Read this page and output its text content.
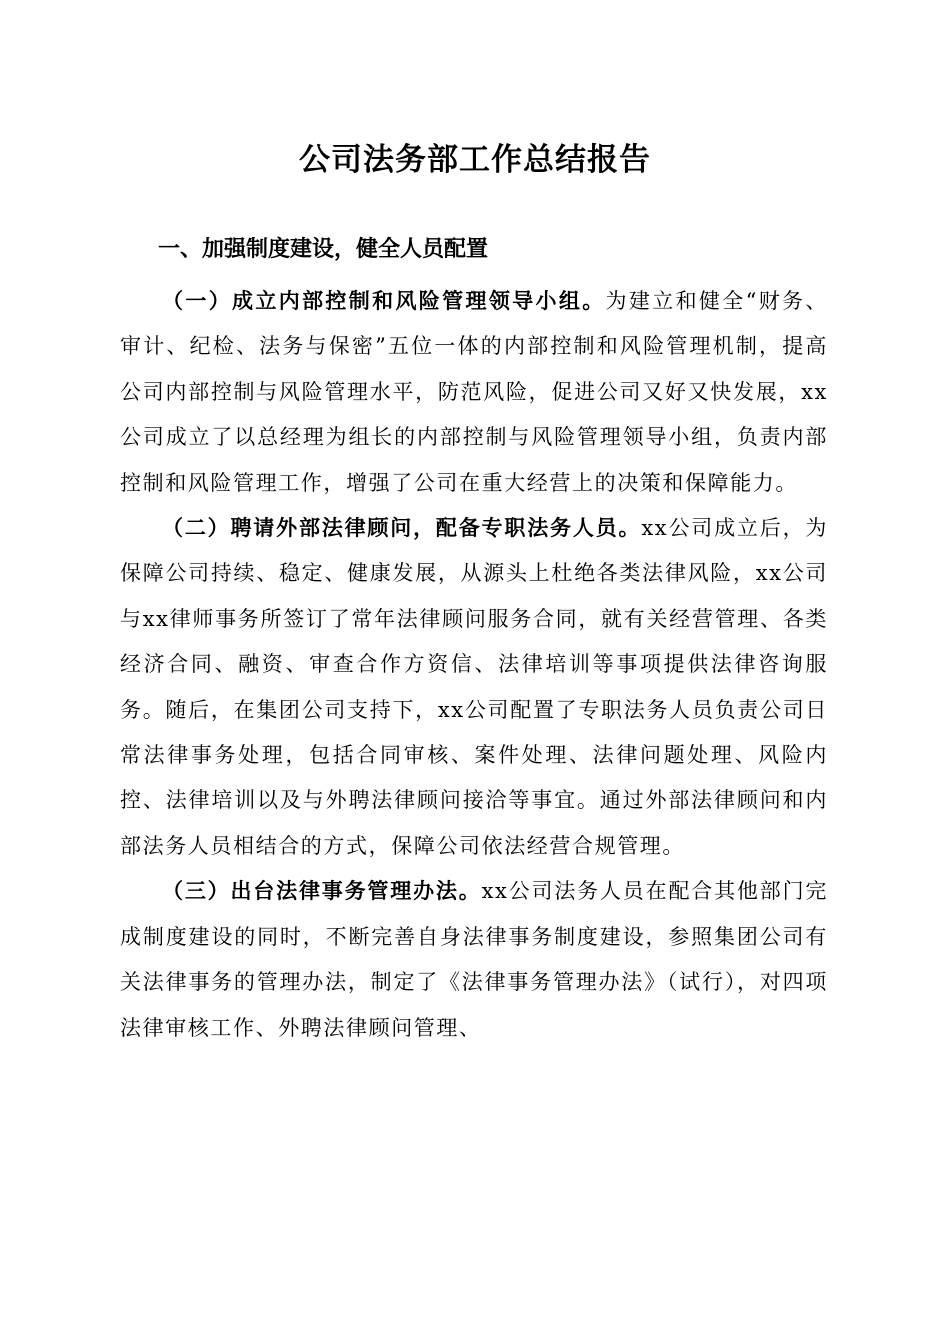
公司法务部工作总结报告
一、加强制度建设，健全人员配置

（一）成立内部控制和风险管理领导小组。为建立和健全“财务、审计、纪检、法务与保密”五位一体的内部控制和风险管理机制，提高公司内部控制与风险管理水平，防范风险，促进公司又好又快发展，xx公司成立了以总经理为组长的内部控制与风险管理领导小组，负责内部控制和风险管理工作，增强了公司在重大经营上的决策和保障能力。

（二）聘请外部法律顾问，配备专职法务人员。xx公司成立后，为保障公司持续、稳定、健康发展，从源头上杜绝各类法律风险，xx公司与xx律师事务所签订了常年法律顾问服务合同，就有关经营管理、各类经济合同、融资、审查合作方资信、法律培训等事项提供法律咨询服务。随后，在集团公司支持下，xx公司配置了专职法务人员负责公司日常法律事务处理，包括合同审核、案件处理、法律问题处理、风险内控、法律培训以及与外聘法律顾问接洽等事宜。通过外部法律顾问和内部法务人员相结合的方式，保障公司依法经营合规管理。

（三）出台法律事务管理办法。xx公司法务人员在配合其他部门完成制度建设的同时，不断完善自身法律事务制度建设，参照集团公司有关法律事务的管理办法，制定了《法律事务管理办法》（试行），对四项法律审核工作、外聘法律顾问管理、
